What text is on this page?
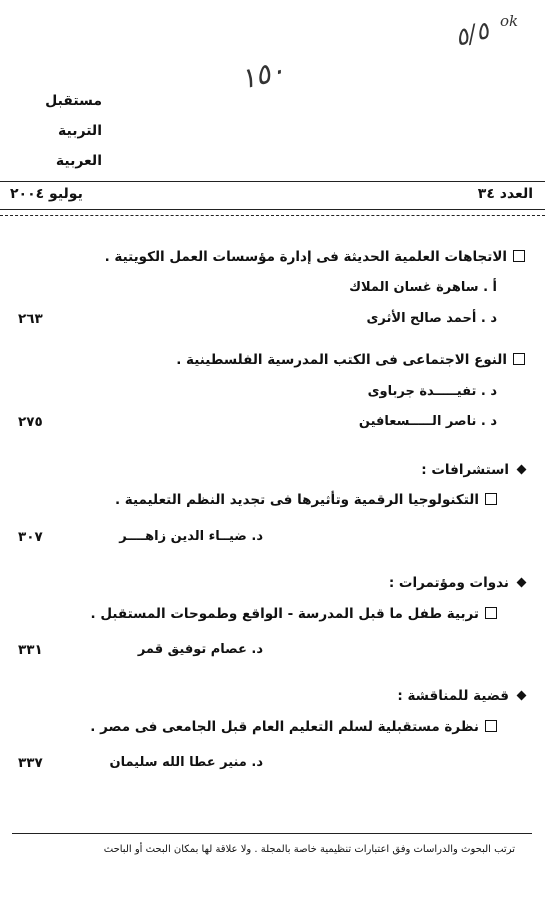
٥/٥ ok
١٥٠
مستقبل
التربية
العربية
العدد ٣٤
يوليو ٢٠٠٤
الاتجاهات العلمية الحديثة فى إدارة مؤسسات العمل الكويتية .
أ . ساهرة غسان الملاك
د . أحمد صالح الأثرى
٢٦٣
النوع الاجتماعى فى الكتب المدرسية الفلسطينية .
د . تفيـــــدة جرباوى
د . ناصر الـــــسعافين
٢٧٥
استشرافات :
التكنولوجيا الرقمية وتأثيرها فى تجديد النظم التعليمية .
د. ضيــاء الدين زاهــــر
٣٠٧
ندوات ومؤتمرات :
تربية طفل ما قبل المدرسة - الواقع وطموحات المستقبل .
د. عصام توفيق قمر
٣٣١
قضية للمناقشة :
نظرة مستقبلية لسلم التعليم العام قبل الجامعى فى مصر .
د. منير عطا الله سليمان
٣٣٧
ترتب البحوث والدراسات وفق اعتبارات تنظيمية خاصة بالمجلة . ولا علاقة لها بمكان البحث أو الباحث
